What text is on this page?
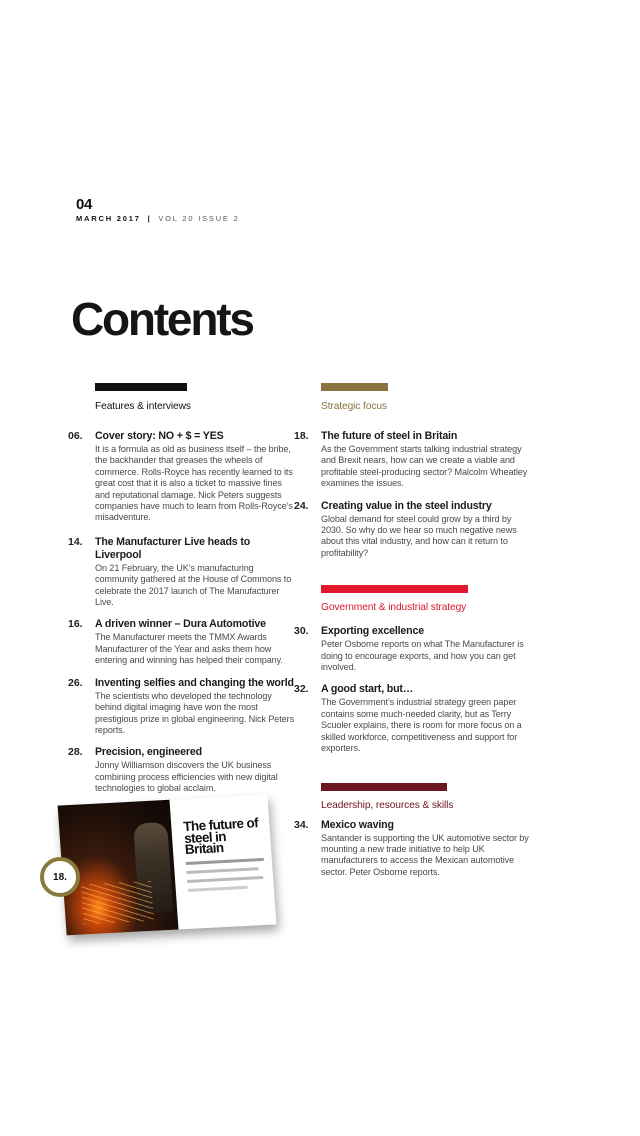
04
MARCH 2017 | VOL 20 ISSUE 2
Contents
Features & interviews
06.	Cover story: NO + $ = YES
It is a formula as old as business itself – the bribe, the backhander that greases the wheels of commerce. Rolls-Royce has recently learned to its great cost that it is also a ticket to massive fines and reputational damage. Nick Peters suggests companies have much to learn from Rolls-Royce’s misadventure.
14.	The Manufacturer Live heads to Liverpool
On 21 February, the UK’s manufacturing community gathered at the House of Commons to celebrate the 2017 launch of The Manufacturer Live.
16.	A driven winner – Dura Automotive
The Manufacturer meets the TMMX Awards Manufacturer of the Year and asks them how entering and winning has helped their company.
26.	Inventing selfies and changing the world
The scientists who developed the technology behind digital imaging have won the most prestigious prize in global engineering. Nick Peters reports.
28.	Precision, engineered
Jonny Williamson discovers the UK business combining process efficiencies with new digital technologies to global acclaim.
Strategic focus
18.	The future of steel in Britain
As the Government starts talking industrial strategy and Brexit nears, how can we create a viable and profitable steel-producing sector? Malcolm Wheatley examines the issues.
24.	Creating value in the steel industry
Global demand for steel could grow by a third by 2030. So why do we hear so much negative news about this vital industry, and how can it return to profitability?
Government & industrial strategy
30.	Exporting excellence
Peter Osborne reports on what The Manufacturer is doing to encourage exports, and how you can get involved.
32.	A good start, but…
The Government’s industrial strategy green paper contains some much-needed clarity, but as Terry Scuoler explains, there is room for more focus on a skilled workforce, competitiveness and support for exporters.
Leadership, resources & skills
34.	Mexico waving
Santander is supporting the UK automotive sector by mounting a new trade initiative to help UK manufacturers to access the Mexican automotive sector. Peter Osborne reports.
The future of steel in Britain
18.
